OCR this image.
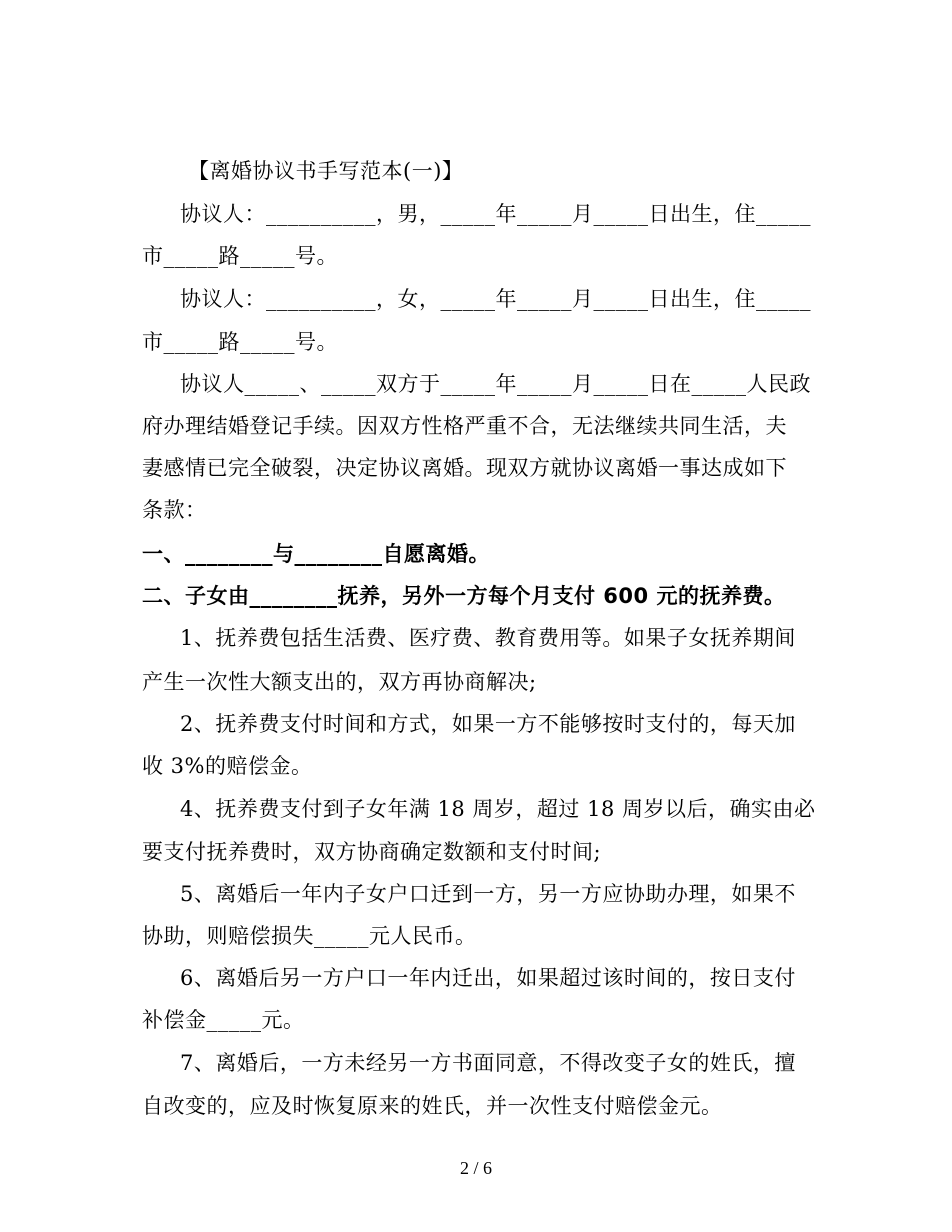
【离婚协议书手写范本(一)】
协议人：__________，男，_____年_____月_____日出生，住_____
市_____路_____号。
协议人：__________，女，_____年_____月_____日出生，住_____
市_____路_____号。
协议人_____、_____双方于_____年_____月_____日在_____人民政
府办理结婚登记手续。因双方性格严重不合，无法继续共同生活，夫
妻感情已完全破裂，决定协议离婚。现双方就协议离婚一事达成如下
条款：
一、________与________自愿离婚。
二、子女由________抚养，另外一方每个月支付 600 元的抚养费。
1、抚养费包括生活费、医疗费、教育费用等。如果子女抚养期间
产生一次性大额支出的，双方再协商解决;
2、抚养费支付时间和方式，如果一方不能够按时支付的，每天加
收 3%的赔偿金。
4、抚养费支付到子女年满 18 周岁，超过 18 周岁以后，确实由必
要支付抚养费时，双方协商确定数额和支付时间;
5、离婚后一年内子女户口迁到一方，另一方应协助办理，如果不
协助，则赔偿损失_____元人民币。
6、离婚后另一方户口一年内迁出，如果超过该时间的，按日支付
补偿金_____元。
7、离婚后，一方未经另一方书面同意，不得改变子女的姓氏，擅
自改变的，应及时恢复原来的姓氏，并一次性支付赔偿金元。
2 / 6
